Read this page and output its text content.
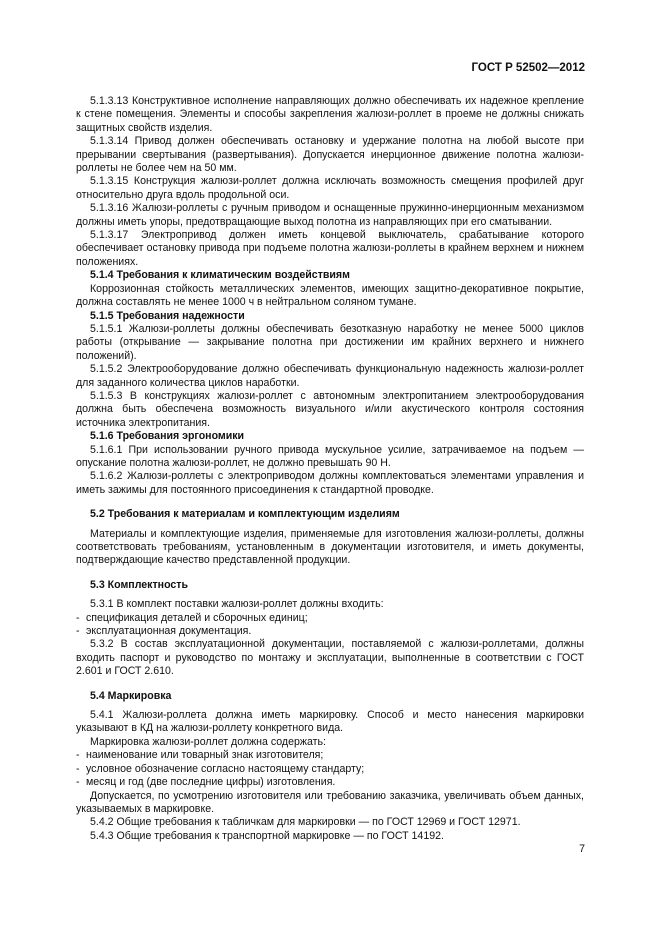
ГОСТ Р 52502—2012

5.1.3.13 Конструктивное исполнение направляющих должно обеспечивать их надежное крепление к стене помещения. Элементы и способы закрепления жалюзи-роллет в проеме не должны снижать защитных свойств изделия.

5.1.3.14 Привод должен обеспечивать остановку и удержание полотна на любой высоте при прерывании свертывания (развертывания). Допускается инерционное движение полотна жалюзи-роллеты не более чем на 50 мм.

5.1.3.15 Конструкция жалюзи-роллет должна исключать возможность смещения профилей друг относительно друга вдоль продольной оси.

5.1.3.16 Жалюзи-роллеты с ручным приводом и оснащенные пружинно-инерционным механизмом должны иметь упоры, предотвращающие выход полотна из направляющих при его сматывании.

5.1.3.17 Электропривод должен иметь концевой выключатель, срабатывание которого обеспечивает остановку привода при подъеме полотна жалюзи-роллеты в крайнем верхнем и нижнем положениях.

5.1.4 Требования к климатическим воздействиям

Коррозионная стойкость металлических элементов, имеющих защитно-декоративное покрытие, должна составлять не менее 1000 ч в нейтральном соляном тумане.

5.1.5 Требования надежности

5.1.5.1 Жалюзи-роллеты должны обеспечивать безотказную наработку не менее 5000 циклов работы (открывание — закрывание полотна при достижении им крайних верхнего и нижнего положений).

5.1.5.2 Электрооборудование должно обеспечивать функциональную надежность жалюзи-роллет для заданного количества циклов наработки.

5.1.5.3 В конструкциях жалюзи-роллет с автономным электропитанием электрооборудования должна быть обеспечена возможность визуального и/или акустического контроля состояния источника электропитания.

5.1.6 Требования эргономики

5.1.6.1 При использовании ручного привода мускульное усилие, затрачиваемое на подъем — опускание полотна жалюзи-роллет, не должно превышать 90 Н.

5.1.6.2 Жалюзи-роллеты с электроприводом должны комплектоваться элементами управления и иметь зажимы для постоянного присоединения к стандартной проводке.

5.2 Требования к материалам и комплектующим изделиям

Материалы и комплектующие изделия, применяемые для изготовления жалюзи-роллеты, должны соответствовать требованиям, установленным в документации изготовителя, и иметь документы, подтверждающие качество представленной продукции.

5.3 Комплектность

5.3.1 В комплект поставки жалюзи-роллет должны входить:

- спецификация деталей и сборочных единиц;

- эксплуатационная документация.

5.3.2 В состав эксплуатационной документации, поставляемой с жалюзи-роллетами, должны входить паспорт и руководство по монтажу и эксплуатации, выполненные в соответствии с ГОСТ 2.601 и ГОСТ 2.610.

5.4 Маркировка

5.4.1 Жалюзи-роллета должна иметь маркировку. Способ и место нанесения маркировки указывают в КД на жалюзи-роллету конкретного вида.

Маркировка жалюзи-роллет должна содержать:

- наименование или товарный знак изготовителя;

- условное обозначение согласно настоящему стандарту;

- месяц и год (две последние цифры) изготовления.

Допускается, по усмотрению изготовителя или требованию заказчика, увеличивать объем данных, указываемых в маркировке.

5.4.2 Общие требования к табличкам для маркировки — по ГОСТ 12969 и ГОСТ 12971.

5.4.3 Общие требования к транспортной маркировке — по ГОСТ 14192.

7
